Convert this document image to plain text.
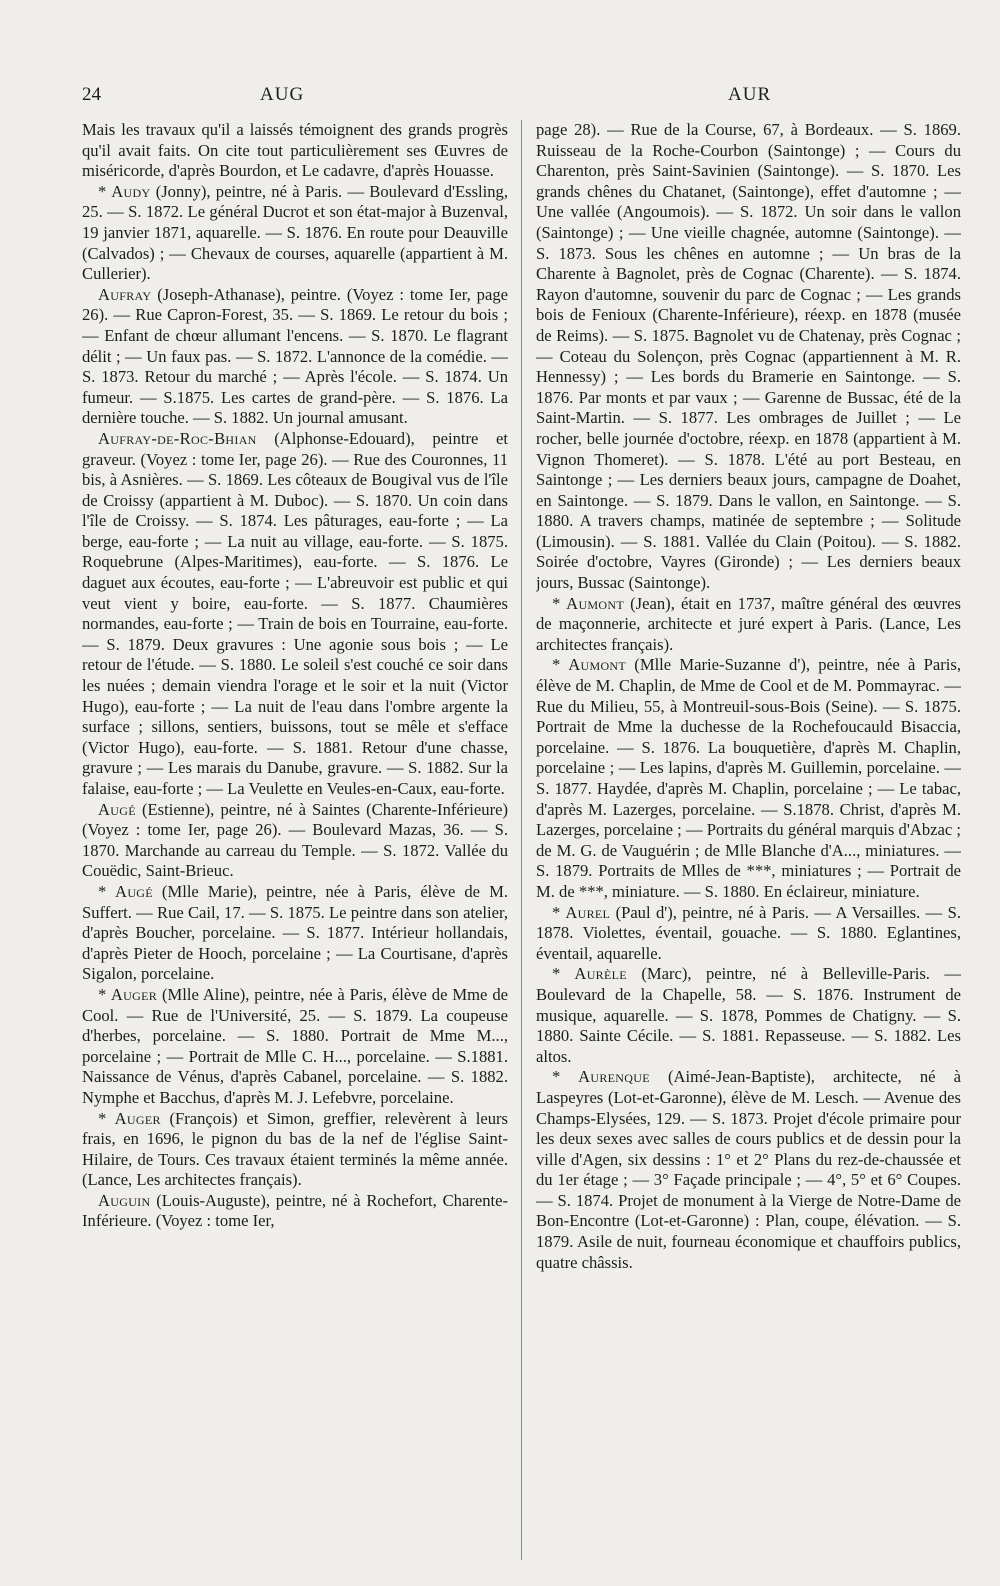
24	AUG	AUR

Mais les travaux qu'il a laissés témoignent des grands progrès qu'il avait faits. On cite tout particulièrement ses Œuvres de miséricorde, d'après Bourdon, et Le cadavre, d'après Houasse.

* Audy (Jonny), peintre, né à Paris. — Boulevard d'Essling, 25. — S. 1872. Le général Ducrot et son état-major à Buzenval, 19 janvier 1871, aquarelle. — S. 1876. En route pour Deauville (Calvados) ; — Chevaux de courses, aquarelle (appartient à M. Cullerier).

Aufray (Joseph-Athanase), peintre. (Voyez : tome Ier, page 26). — Rue Capron-Forest, 35. — S. 1869. Le retour du bois ; — Enfant de chœur allumant l'encens. — S. 1870. Le flagrant délit ; — Un faux pas. — S. 1872. L'annonce de la comédie. — S. 1873. Retour du marché ; — Après l'école. — S. 1874. Un fumeur. — S.1875. Les cartes de grand-père. — S. 1876. La dernière touche. — S. 1882. Un journal amusant.

Aufray-de-Roc-Bhian (Alphonse-Edouard), peintre et graveur. (Voyez : tome Ier, page 26). — Rue des Couronnes, 11 bis, à Asnières. — S. 1869. Les côteaux de Bougival vus de l'île de Croissy (appartient à M. Duboc). — S. 1870. Un coin dans l'île de Croissy. — S. 1874. Les pâturages, eau-forte ; — La berge, eau-forte ; — La nuit au village, eau-forte. — S. 1875. Roquebrune (Alpes-Maritimes), eau-forte. — S. 1876. Le daguet aux écoutes, eau-forte ; — L'abreuvoir est public et qui veut vient y boire, eau-forte. — S. 1877. Chaumières normandes, eau-forte ; — Train de bois en Tourraine, eau-forte. — S. 1879. Deux gravures : Une agonie sous bois ; — Le retour de l'étude. — S. 1880. Le soleil s'est couché ce soir dans les nuées ; demain viendra l'orage et le soir et la nuit (Victor Hugo), eau-forte ; — La nuit de l'eau dans l'ombre argente la surface ; sillons, sentiers, buissons, tout se mêle et s'efface (Victor Hugo), eau-forte. — S. 1881. Retour d'une chasse, gravure ; — Les marais du Danube, gravure. — S. 1882. Sur la falaise, eau-forte ; — La Veulette en Veules-en-Caux, eau-forte.

Augé (Estienne), peintre, né à Saintes (Charente-Inférieure) (Voyez : tome Ier, page 26). — Boulevard Mazas, 36. — S. 1870. Marchande au carreau du Temple. — S. 1872. Vallée du Couëdic, Saint-Brieuc.

* Augé (Mlle Marie), peintre, née à Paris, élève de M. Suffert. — Rue Cail, 17. — S. 1875. Le peintre dans son atelier, d'après Boucher, porcelaine. — S. 1877. Intérieur hollandais, d'après Pieter de Hooch, porcelaine ; — La Courtisane, d'après Sigalon, porcelaine.

* Auger (Mlle Aline), peintre, née à Paris, élève de Mme de Cool. — Rue de l'Université, 25. — S. 1879. La coupeuse d'herbes, porcelaine. — S. 1880. Portrait de Mme M..., porcelaine ; — Portrait de Mlle C. H..., porcelaine. — S.1881. Naissance de Vénus, d'après Cabanel, porcelaine. — S. 1882. Nymphe et Bacchus, d'après M. J. Lefebvre, porcelaine.

* Auger (François) et Simon, greffier, relevèrent à leurs frais, en 1696, le pignon du bas de la nef de l'église Saint-Hilaire, de Tours. Ces travaux étaient terminés la même année. (Lance, Les architectes français).

Auguin (Louis-Auguste), peintre, né à Rochefort, Charente-Inférieure. (Voyez : tome Ier,

page 28). — Rue de la Course, 67, à Bordeaux. — S. 1869. Ruisseau de la Roche-Courbon (Saintonge) ; — Cours du Charenton, près Saint-Savinien (Saintonge). — S. 1870. Les grands chênes du Chatanet, (Saintonge), effet d'automne ; — Une vallée (Angoumois). — S. 1872. Un soir dans le vallon (Saintonge) ; — Une vieille chagnée, automne (Saintonge). — S. 1873. Sous les chênes en automne ; — Un bras de la Charente à Bagnolet, près de Cognac (Charente). — S. 1874. Rayon d'automne, souvenir du parc de Cognac ; — Les grands bois de Fenioux (Charente-Inférieure), réexp. en 1878 (musée de Reims). — S. 1875. Bagnolet vu de Chatenay, près Cognac ; — Coteau du Solençon, près Cognac (appartiennent à M. R. Hennessy) ; — Les bords du Bramerie en Saintonge. — S. 1876. Par monts et par vaux ; — Garenne de Bussac, été de la Saint-Martin. — S. 1877. Les ombrages de Juillet ; — Le rocher, belle journée d'octobre, réexp. en 1878 (appartient à M. Vignon Thomeret). — S. 1878. L'été au port Besteau, en Saintonge ; — Les derniers beaux jours, campagne de Doahet, en Saintonge. — S. 1879. Dans le vallon, en Saintonge. — S. 1880. A travers champs, matinée de septembre ; — Solitude (Limousin). — S. 1881. Vallée du Clain (Poitou). — S. 1882. Soirée d'octobre, Vayres (Gironde) ; — Les derniers beaux jours, Bussac (Saintonge).

* Aumont (Jean), était en 1737, maître général des œuvres de maçonnerie, architecte et juré expert à Paris. (Lance, Les architectes français).

* Aumont (Mlle Marie-Suzanne d'), peintre, née à Paris, élève de M. Chaplin, de Mme de Cool et de M. Pommayrac. — Rue du Milieu, 55, à Montreuil-sous-Bois (Seine). — S. 1875. Portrait de Mme la duchesse de la Rochefoucauld Bisaccia, porcelaine. — S. 1876. La bouquetière, d'après M. Chaplin, porcelaine ; — Les lapins, d'après M. Guillemin, porcelaine. — S. 1877. Haydée, d'après M. Chaplin, porcelaine ; — Le tabac, d'après M. Lazerges, porcelaine. — S.1878. Christ, d'après M. Lazerges, porcelaine ; — Portraits du général marquis d'Abzac ; de M. G. de Vauguérin ; de Mlle Blanche d'A..., miniatures. — S. 1879. Portraits de Mlles de ***, miniatures ; — Portrait de M. de ***, miniature. — S. 1880. En éclaireur, miniature.

* Aurel (Paul d'), peintre, né à Paris. — A Versailles. — S. 1878. Violettes, éventail, gouache. — S. 1880. Eglantines, éventail, aquarelle.

* Aurèle (Marc), peintre, né à Belleville-Paris. — Boulevard de la Chapelle, 58. — S. 1876. Instrument de musique, aquarelle. — S. 1878, Pommes de Chatigny. — S. 1880. Sainte Cécile. — S. 1881. Repasseuse. — S. 1882. Les altos.

* Aurenque (Aimé-Jean-Baptiste), architecte, né à Laspeyres (Lot-et-Garonne), élève de M. Lesch. — Avenue des Champs-Elysées, 129. — S. 1873. Projet d'école primaire pour les deux sexes avec salles de cours publics et de dessin pour la ville d'Agen, six dessins : 1° et 2° Plans du rez-de-chaussée et du 1er étage ; — 3° Façade principale ; — 4°, 5° et 6° Coupes. — S. 1874. Projet de monument à la Vierge de Notre-Dame de Bon-Encontre (Lot-et-Garonne) : Plan, coupe, élévation. — S. 1879. Asile de nuit, fourneau économique et chauffoirs publics, quatre châssis.
